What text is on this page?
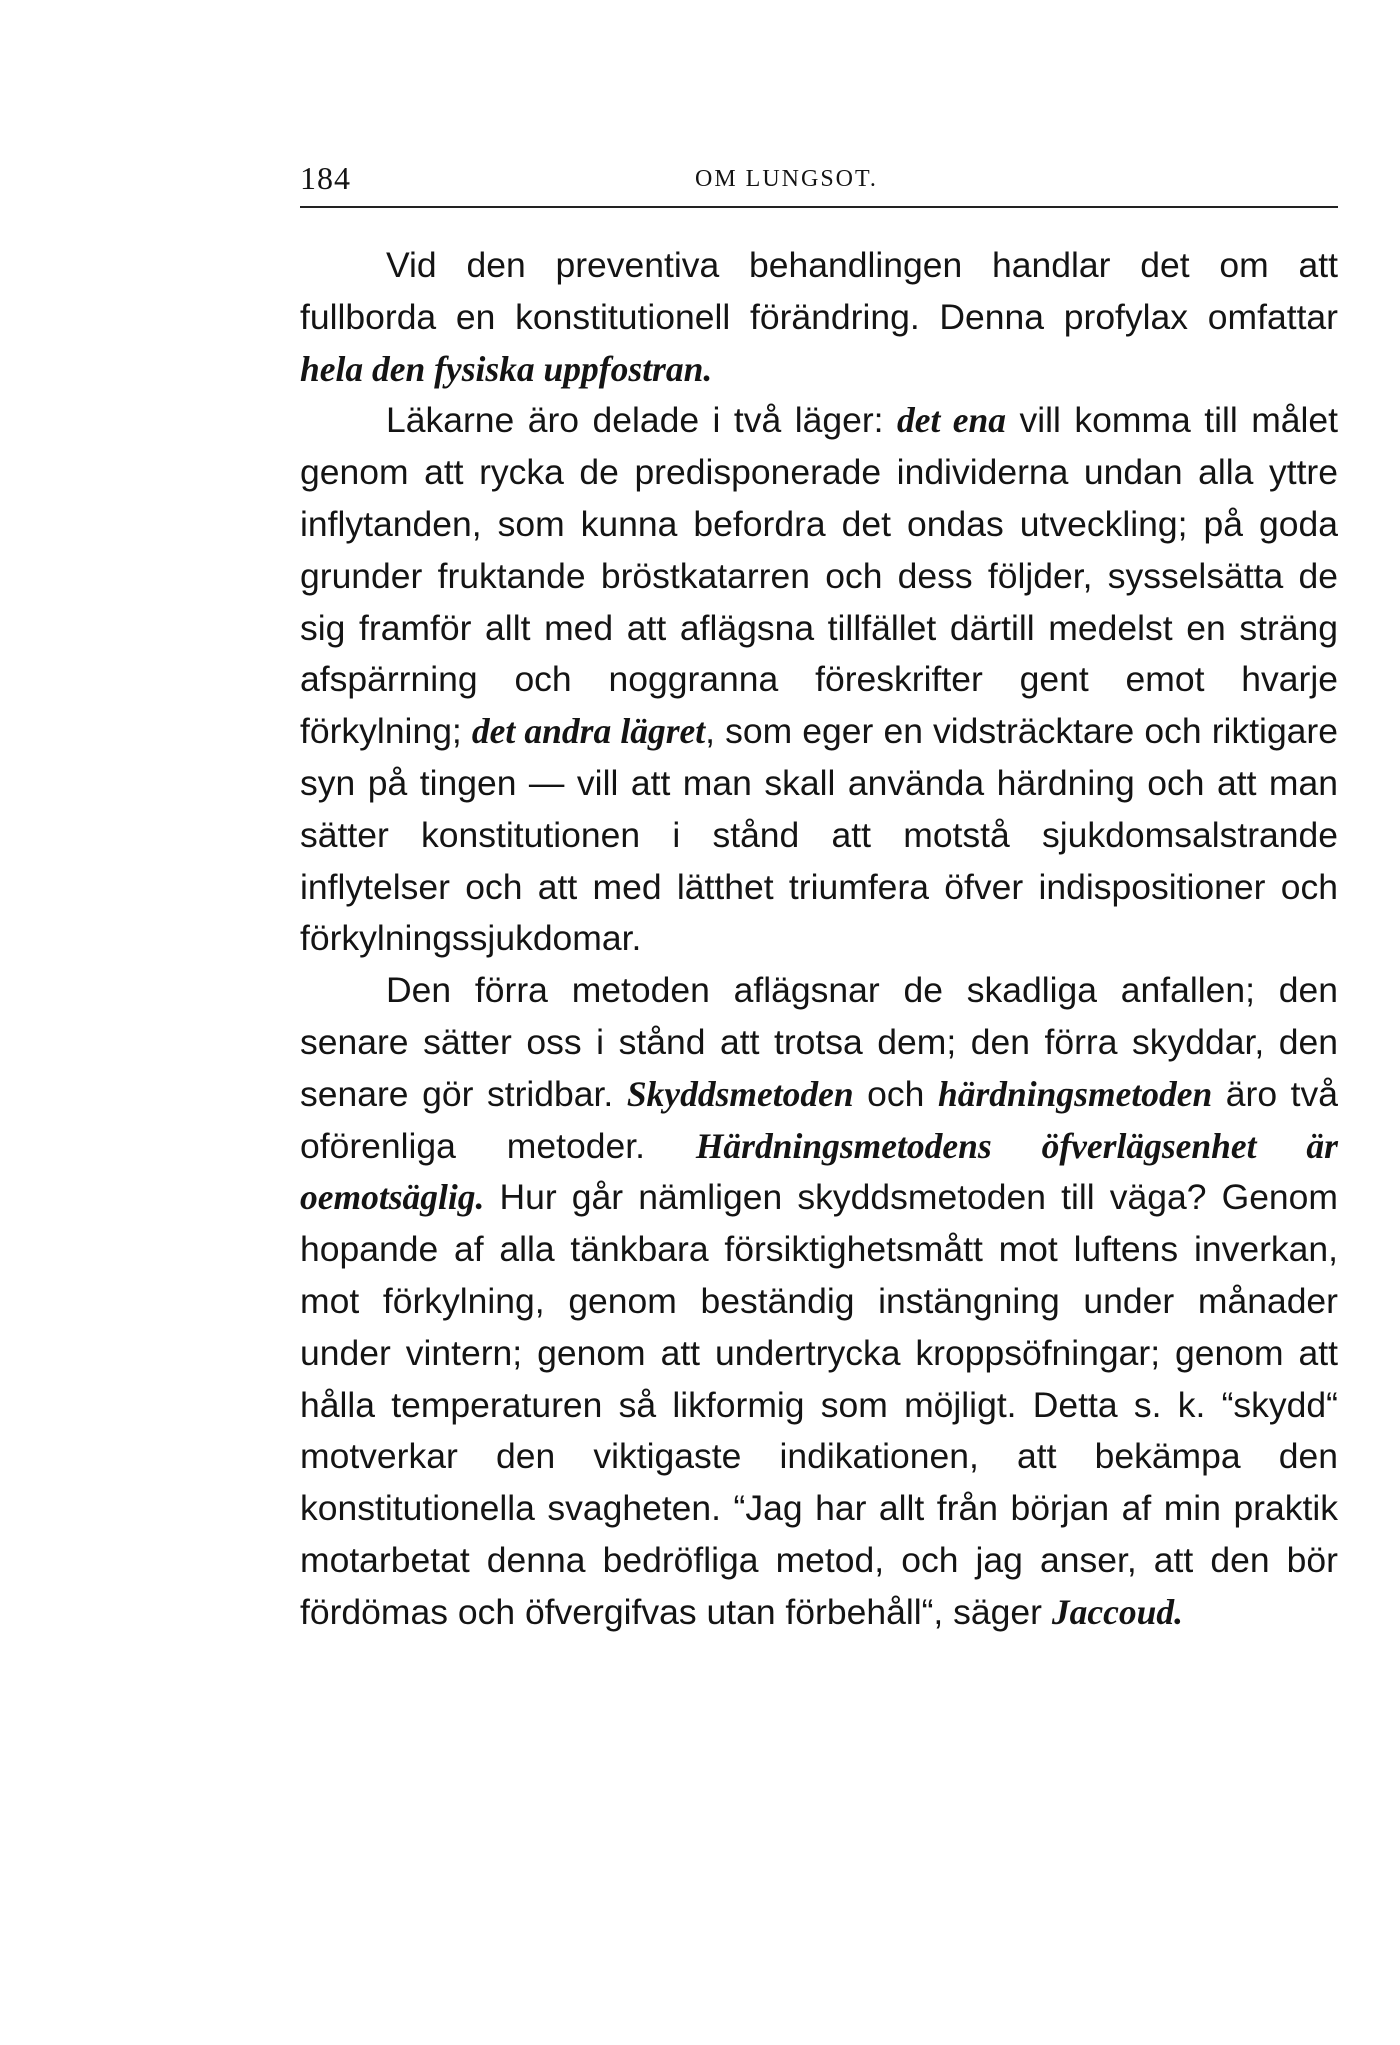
184	OM LUNGSOT.

Vid den preventiva behandlingen handlar det om att fullborda en konstitutionell förändring. Denna profylax omfattar hela den fysiska uppfostran.

Läkarne äro delade i två läger: det ena vill komma till målet genom att rycka de predisponerade individerna undan alla yttre inflytanden, som kunna befordra det ondas utveckling; på goda grunder fruktande bröstkatarren och dess följder, sysselsätta de sig framför allt med att aflägsna tillfället därtill medelst en sträng afspärrning och noggranna föreskrifter gent emot hvarje förkylning; det andra lägret, som eger en vidsträcktare och riktigare syn på tingen — vill att man skall använda härdning och att man sätter konstitutionen i stånd att motstå sjukdomsalstrande inflytelser och att med lätthet triumfera öfver indispositioner och förkylningssjukdomar.

Den förra metoden aflägsnar de skadliga anfallen; den senare sätter oss i stånd att trotsa dem; den förra skyddar, den senare gör stridbar. Skyddsmetoden och härdningsmetoden äro två oförenliga metoder. Härdningsmetodens öfverlägsenhet är oemotsäglig. Hur går nämligen skyddsmetoden till väga? Genom hopande af alla tänkbara försiktighetsmått mot luftens inverkan, mot förkylning, genom beständig instängning under månader under vintern; genom att undertrycka kroppsöfningar; genom att hålla temperaturen så likformig som möjligt. Detta s. k. “skydd“ motverkar den viktigaste indikationen, att bekämpa den konstitutionella svagheten. “Jag har allt från början af min praktik motarbetat denna bedröfliga metod, och jag anser, att den bör fördömas och öfvergifvas utan förbehåll“, säger Jaccoud.
